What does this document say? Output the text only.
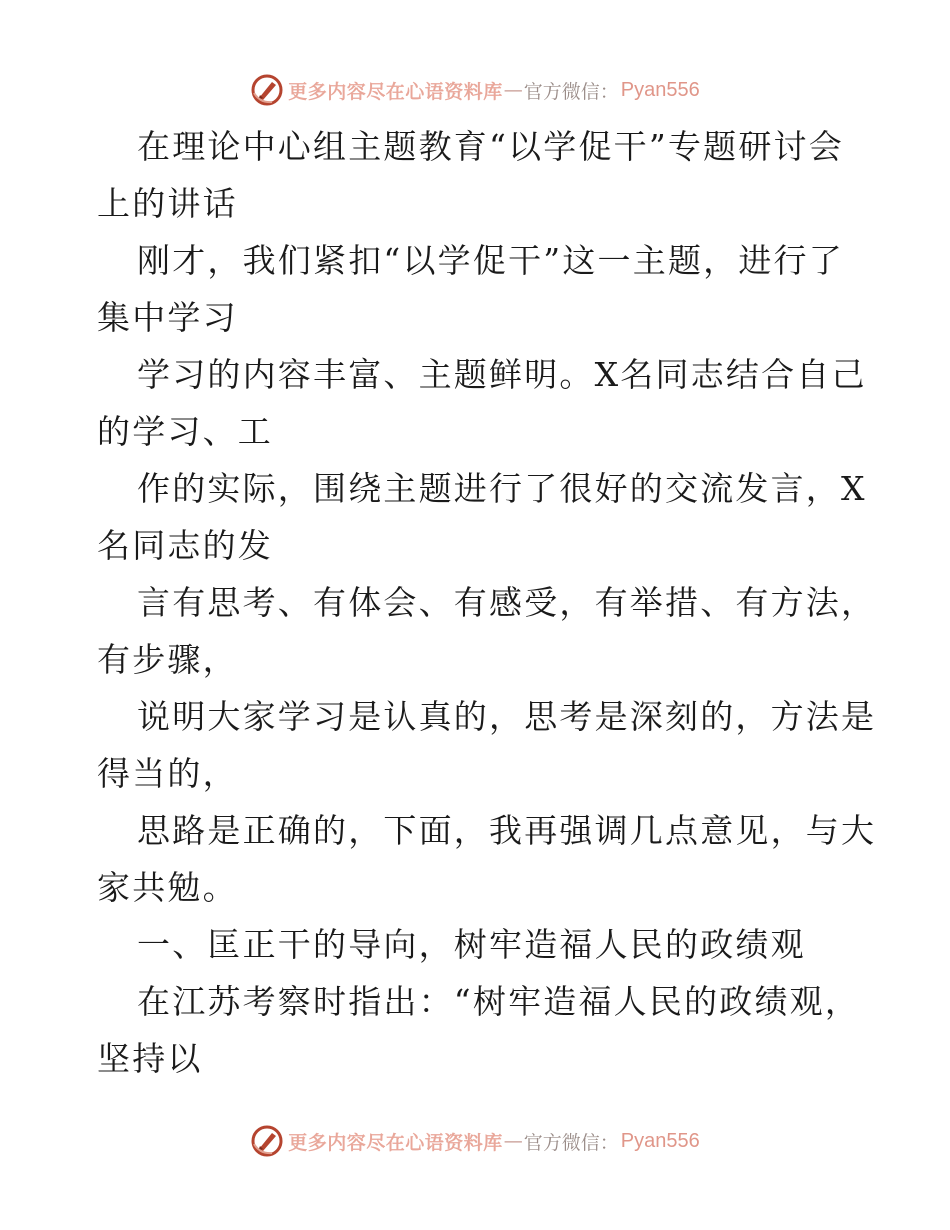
更多内容尽在心语资料库 — 官方微信： Pyan556
在理论中心组主题教育“以学促干”专题研讨会
上的讲话
刚才，我们紧扣“以学促干”这一主题，进行了
集中学习
学习的内容丰富、主题鲜明。X名同志结合自己
的学习、工
作的实际，围绕主题进行了很好的交流发言，X
名同志的发
言有思考、有体会、有感受，有举措、有方法，
有步骤，
说明大家学习是认真的，思考是深刻的，方法是
得当的，
思路是正确的，下面，我再强调几点意见，与大
家共勉。
一、匡正干的导向，树牢造福人民的政绩观
在江苏考察时指出：“树牢造福人民的政绩观，
坚持以
更多内容尽在心语资料库 — 官方微信： Pyan556
